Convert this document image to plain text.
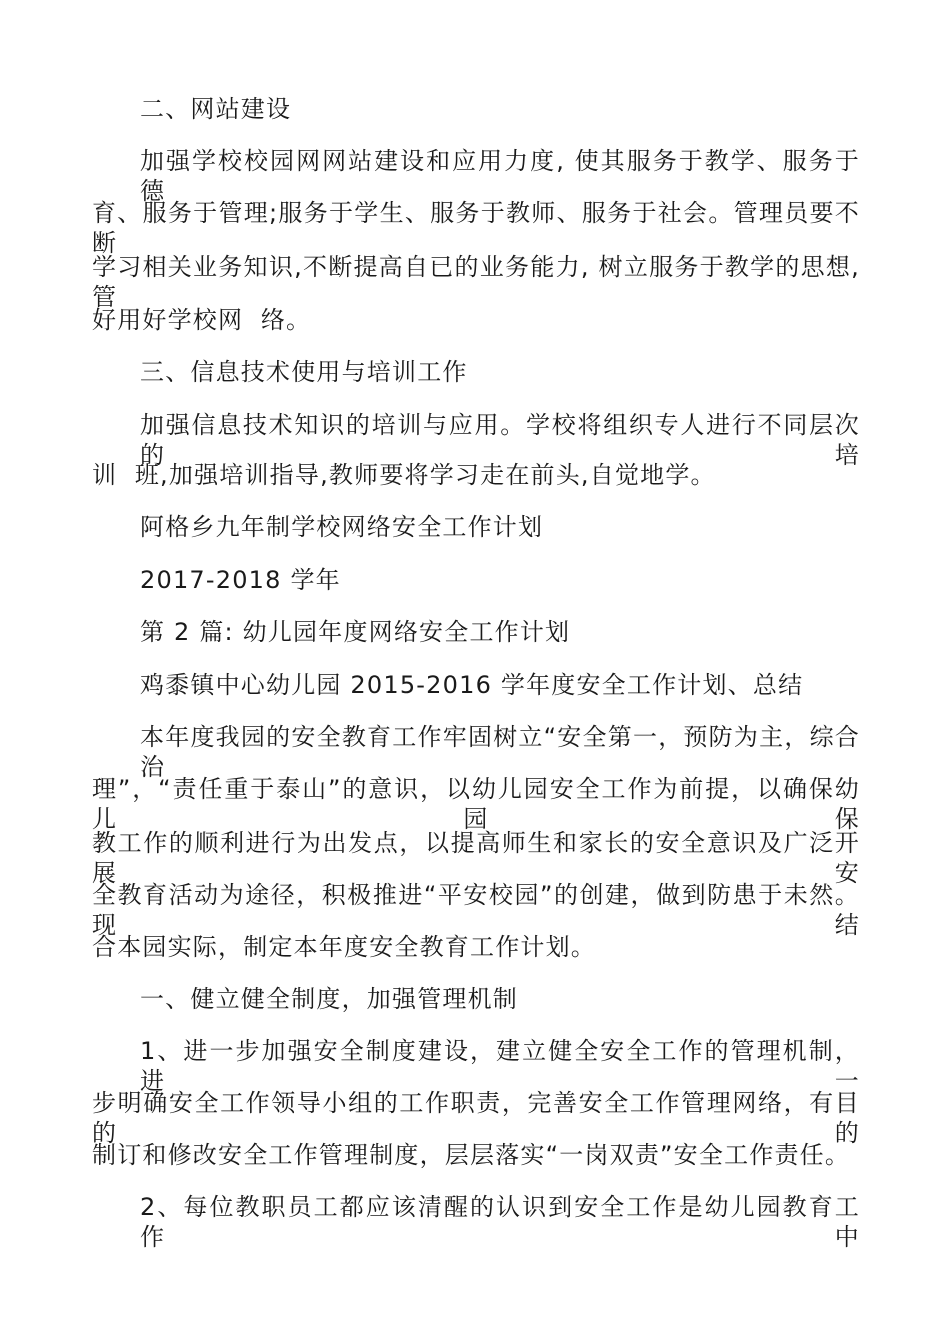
二、网站建设
加强学校校园网网站建设和应用力度, 使其服务于教学、服务于德
育、服务于管理;服务于学生、服务于教师、服务于社会。管理员要不断
学习相关业务知识,不断提高自已的业务能力, 树立服务于教学的思想, 管
好用好学校网  络。
三、信息技术使用与培训工作
加强信息技术知识的培训与应用。学校将组织专人进行不同层次的培
训  班,加强培训指导,教师要将学习走在前头,自觉地学。
阿格乡九年制学校网络安全工作计划
2017-2018 学年
第 2 篇: 幼儿园年度网络安全工作计划
鸡黍镇中心幼儿园 2015-2016 学年度安全工作计划、总结
本年度我园的安全教育工作牢固树立“安全第一，预防为主，综合治
理”，“责任重于泰山”的意识，以幼儿园安全工作为前提，以确保幼儿园保
教工作的顺利进行为出发点，以提高师生和家长的安全意识及广泛开展安
全教育活动为途径，积极推进“平安校园”的创建，做到防患于未然。现结
合本园实际，制定本年度安全教育工作计划。
一、健立健全制度，加强管理机制
1、进一步加强安全制度建设，建立健全安全工作的管理机制，进一
步明确安全工作领导小组的工作职责，完善安全工作管理网络，有目的的
制订和修改安全工作管理制度，层层落实“一岗双责”安全工作责任。
2、每位教职员工都应该清醒的认识到安全工作是幼儿园教育工作中
